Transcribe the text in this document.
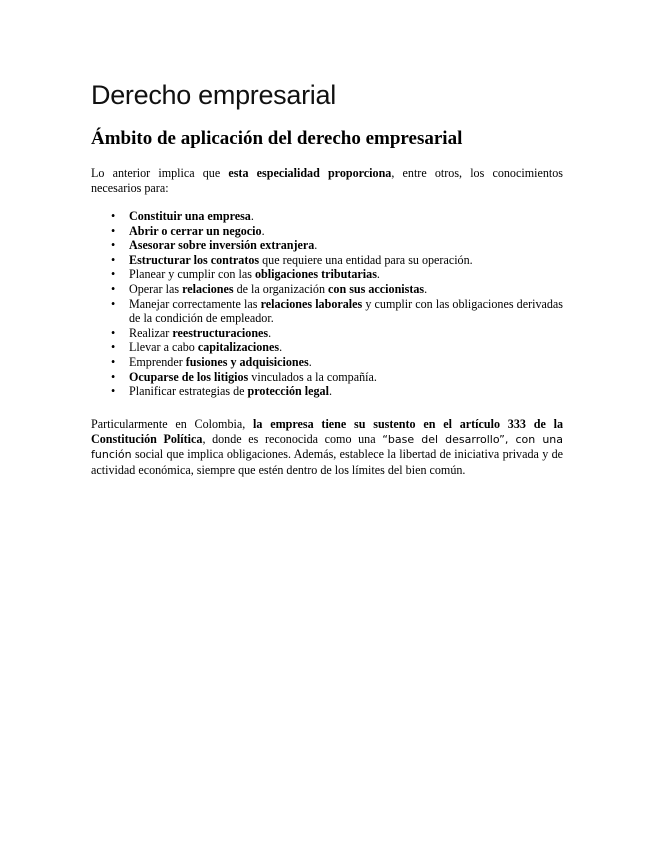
Derecho empresarial
Ámbito de aplicación del derecho empresarial

Lo anterior implica que esta especialidad proporciona, entre otros, los conocimientos necesarios para:

• Constituir una empresa.
• Abrir o cerrar un negocio.
• Asesorar sobre inversión extranjera.
• Estructurar los contratos que requiere una entidad para su operación.
• Planear y cumplir con las obligaciones tributarias.
• Operar las relaciones de la organización con sus accionistas.
• Manejar correctamente las relaciones laborales y cumplir con las obligaciones derivadas de la condición de empleador.
• Realizar reestructuraciones.
• Llevar a cabo capitalizaciones.
• Emprender fusiones y adquisiciones.
• Ocuparse de los litigios vinculados a la compañía.
• Planificar estrategias de protección legal.

Particularmente en Colombia, la empresa tiene su sustento en el artículo 333 de la Constitución Política, donde es reconocida como una “base del desarrollo”, con una función social que implica obligaciones. Además, establece la libertad de iniciativa privada y de actividad económica, siempre que estén dentro de los límites del bien común.
